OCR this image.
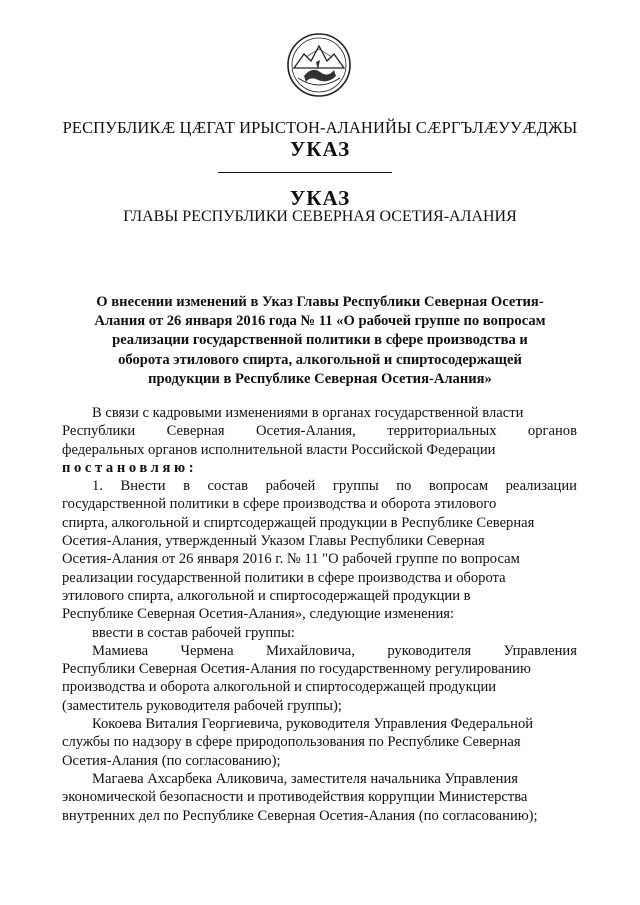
РЕСПУБЛИКӔ ЦӔГАТ ИРЫСТОН-АЛАНИЙЫ СӔРГЪЛӔУУӔДЖЫ
УКАЗ
УКАЗ
ГЛАВЫ РЕСПУБЛИКИ СЕВЕРНАЯ ОСЕТИЯ-АЛАНИЯ
О внесении изменений в Указ Главы Республики Северная Осетия-
Алания от 26 января 2016 года № 11 «О рабочей группе по вопросам
реализации государственной политики в сфере производства и
оборота этилового спирта, алкогольной и спиртосодержащей
продукции в Республике Северная Осетия-Алания»
В связи с кадровыми изменениями в органах государственной власти
Республики Северная Осетия-Алания, территориальных органов
федеральных органов исполнительной власти Российской Федерации
постановляю:
1. Внести в состав рабочей группы по вопросам реализации
государственной политики в сфере производства и оборота этилового
спирта, алкогольной и спиртсодержащей продукции в Республике Северная
Осетия-Алания, утвержденный Указом Главы Республики Северная
Осетия-Алания от 26 января 2016 г. № 11 "О рабочей группе по вопросам
реализации государственной политики в сфере производства и оборота
этилового спирта, алкогольной и спиртосодержащей продукции в
Республике Северная Осетия-Алания», следующие изменения:
ввести в состав рабочей группы:
Мамиева Чермена Михайловича, руководителя Управления
Республики Северная Осетия-Алания по государственному регулированию
производства и оборота алкогольной и спиртосодержащей продукции
(заместитель руководителя рабочей группы);
Кокоева Виталия Георгиевича, руководителя Управления Федеральной
службы по надзору в сфере природопользования по Республике Северная
Осетия-Алания (по согласованию);
Магаева Ахсарбека Аликовича, заместителя начальника Управления
экономической безопасности и противодействия коррупции Министерства
внутренних дел по Республике Северная Осетия-Алания (по согласованию);
